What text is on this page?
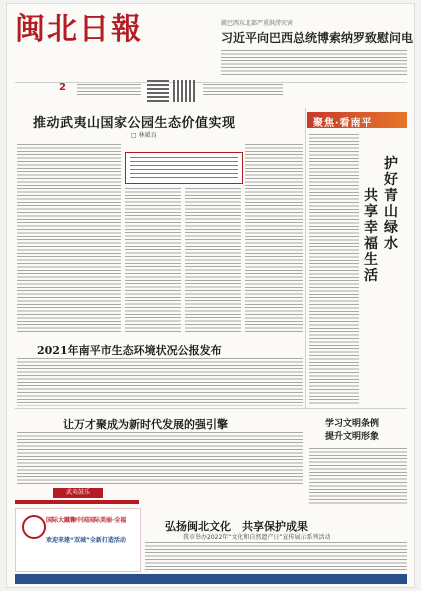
闽北日報	就巴西东北部严重洪涝灾害
习近平向巴西总统博索纳罗致慰问电
2
推动武夷山国家公园生态价值实现
□ 林斌良
聚焦·看南平
护好青山绿水
共享幸福生活
2021年南平市生态环境状况公报发布
让万才聚成为新时代发展的强引擎
武夷鼓乐
学习文明条例
提升文明形象
国际大蹴鞠中国国际美丽·全福
欢迎来建“双城”全新打造活动
弘扬闽北文化　共享保护成果
我市举办2022年“文化和自然遗产日”宣传展示系列活动
